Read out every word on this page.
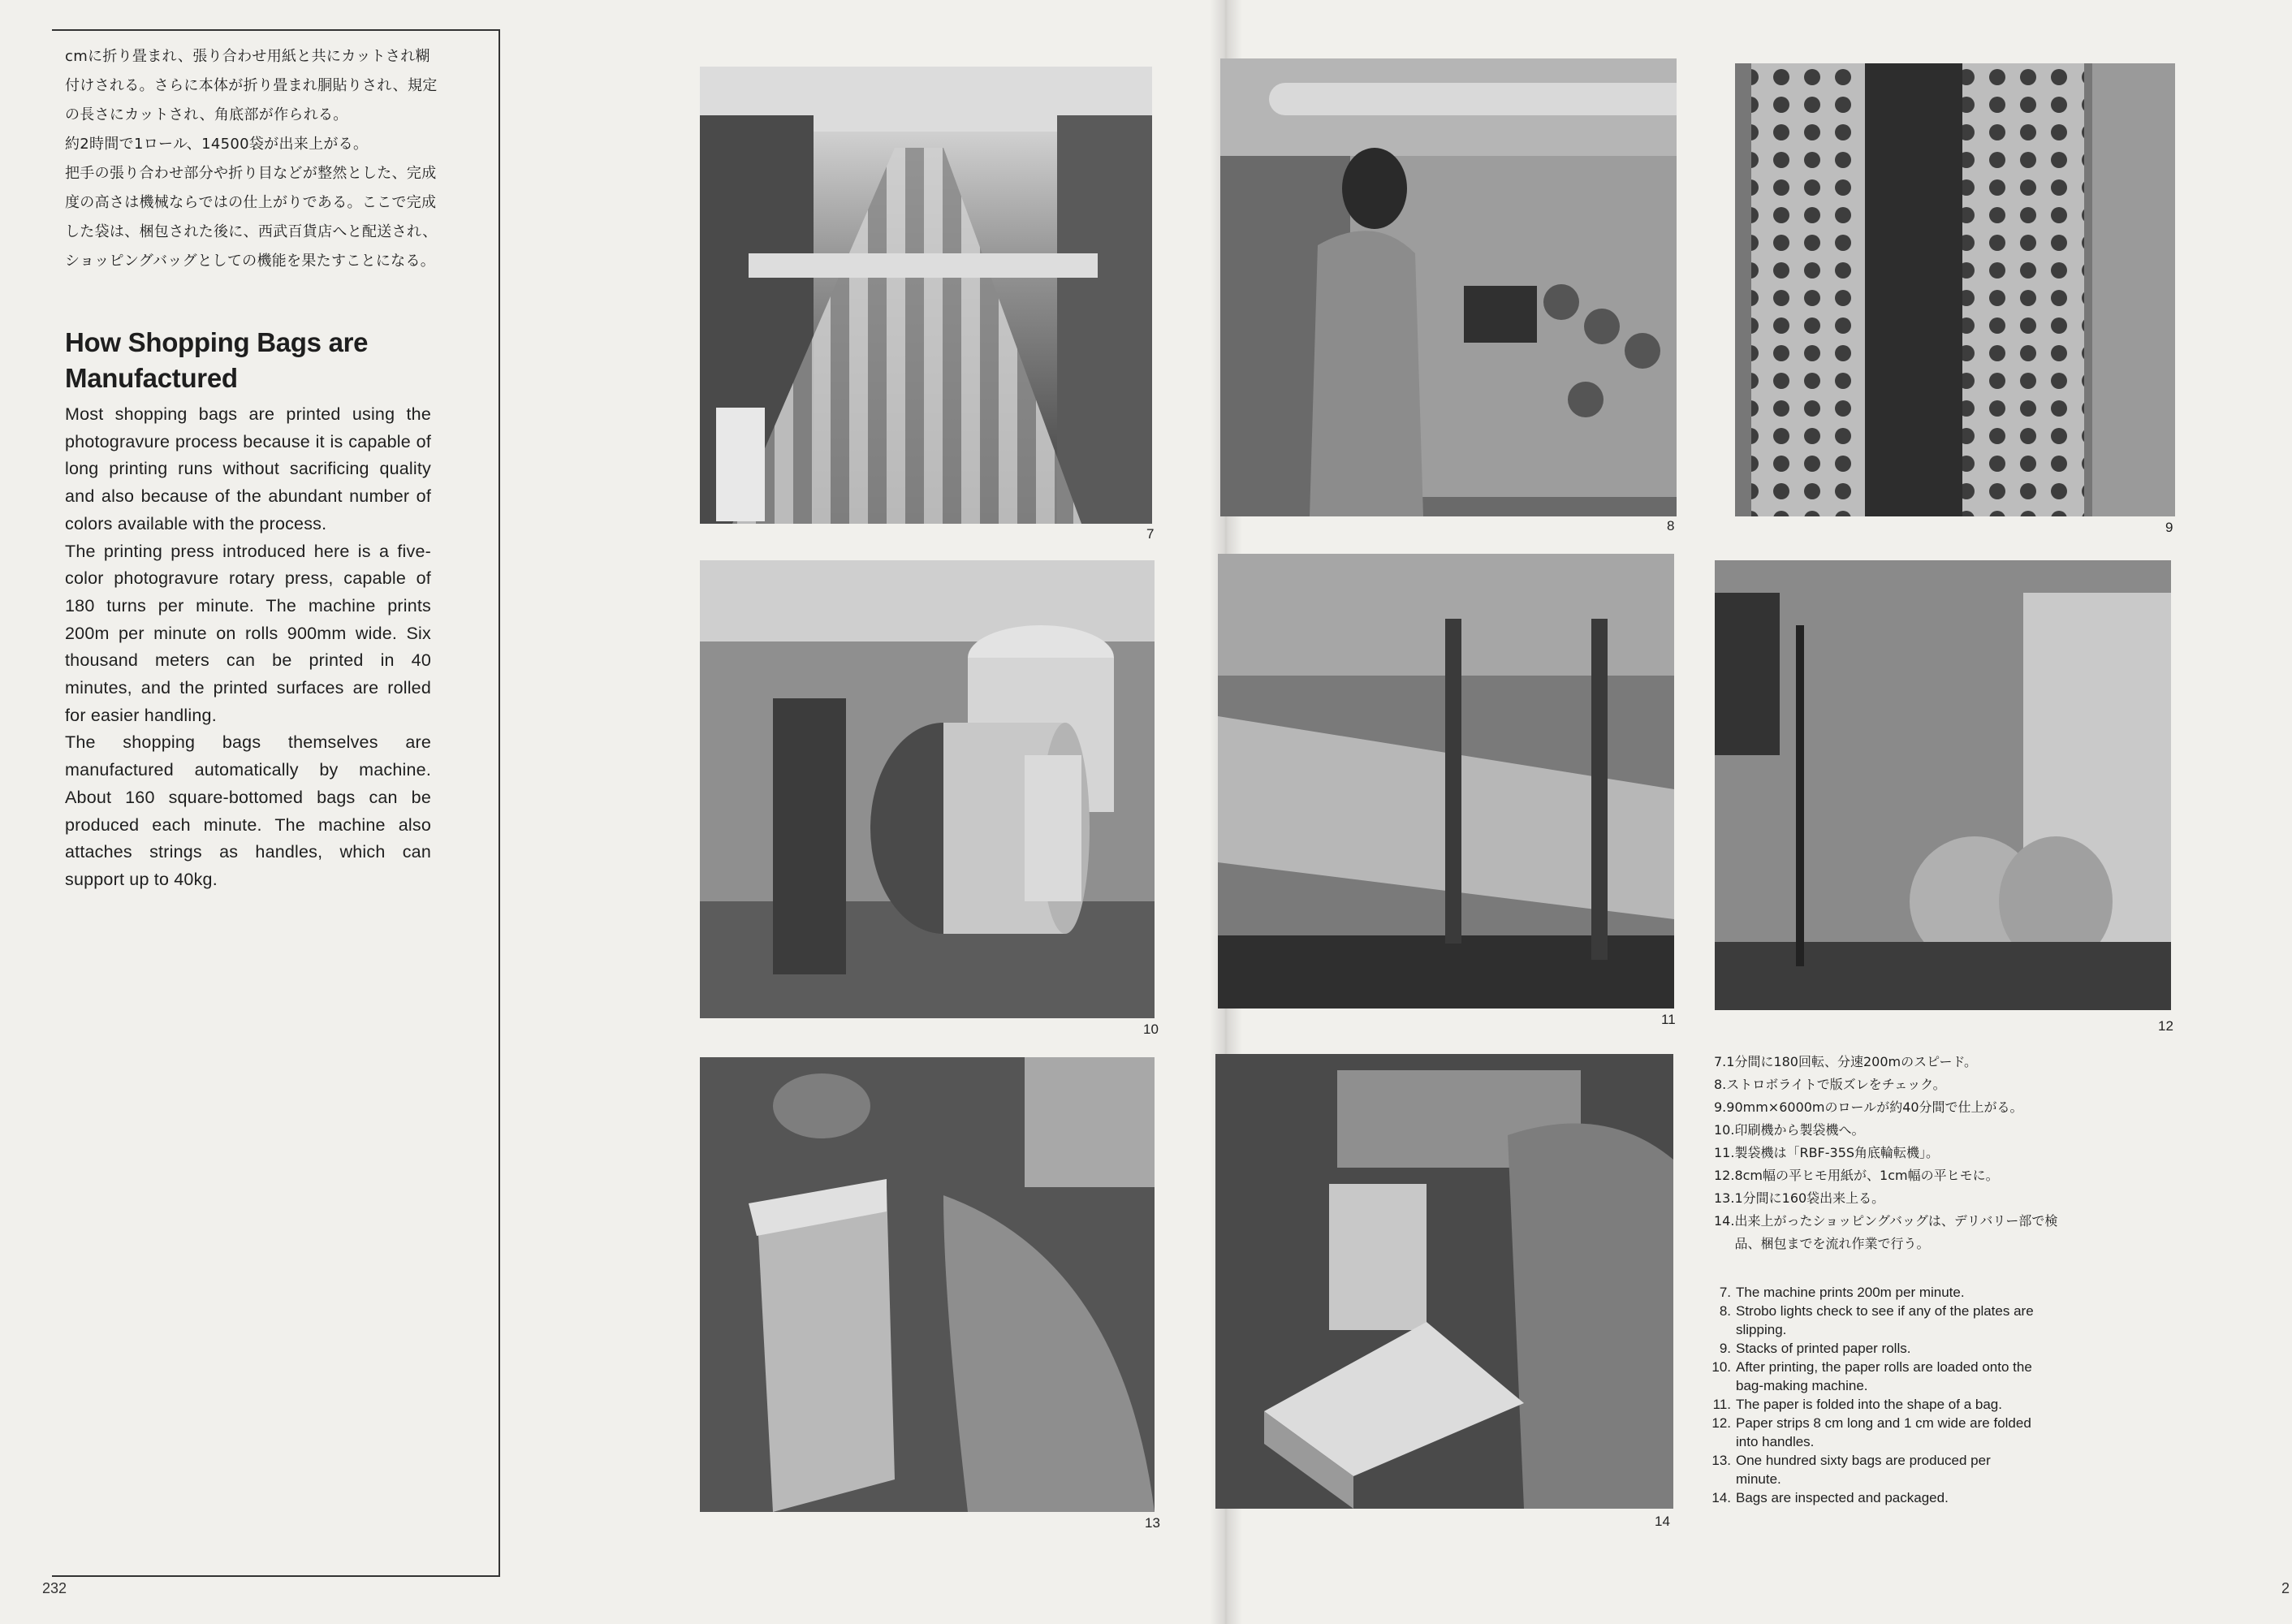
cmに折り畳まれ、張り合わせ用紙と共にカットされ糊付けされる。さらに本体が折り畳まれ胴貼りされ、規定の長さにカットされ、角底部が作られる。

約2時間で1ロール、14500袋が出来上がる。

把手の張り合わせ部分や折り目などが整然とした、完成度の高さは機械ならではの仕上がりである。ここで完成した袋は、梱包された後に、西武百貨店へと配送され、ショッピングバッグとしての機能を果たすことになる。

How Shopping Bags are Manufactured

Most shopping bags are printed using the photogravure process because it is capable of long printing runs without sacrificing quality and also because of the abundant number of colors available with the process.

The printing press introduced here is a five-color photogravure rotary press, capable of 180 turns per minute. The machine prints 200m per minute on rolls 900mm wide. Six thousand meters can be printed in 40 minutes, and the printed surfaces are rolled for easier handling.

The shopping bags themselves are manufactured automatically by machine. About 160 square-bottomed bags can be produced each minute. The machine also attaches strings as handles, which can support up to 40kg.

232
7
8	9
10
11	12
13	14
7. 1分間に180回転、分速200mのスピード。
8. ストロボライトで版ズレをチェック。
9. 90mm×6000mのロールが約40分間で仕上がる。
10. 印刷機から製袋機へ。
11. 製袋機は「RBF-35S角底輪転機」。
12. 8cm幅の平ヒモ用紙が、1cm幅の平ヒモに。
13. 1分間に160袋出来上る。
14. 出来上がったショッピングバッグは、デリバリー部で検品、梱包までを流れ作業で行う。
7. The machine prints 200m per minute.
8. Strobo lights check to see if any of the plates are slipping.
9. Stacks of printed paper rolls.
10. After printing, the paper rolls are loaded onto the bag-making machine.
11. The paper is folded into the shape of a bag.
12. Paper strips 8 cm long and 1 cm wide are folded into handles.
13. One hundred sixty bags are produced per minute.
14. Bags are inspected and packaged.
2
